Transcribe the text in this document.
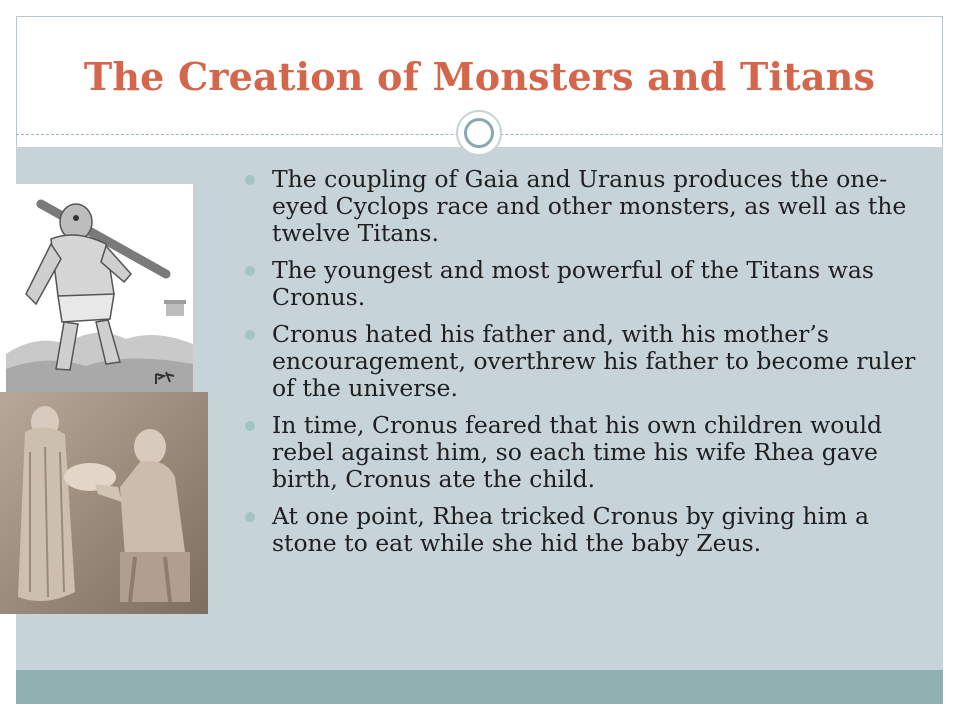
The Creation of Monsters and Titans
The coupling of Gaia and Uranus produces the one-eyed Cyclops race and other monsters, as well as the twelve Titans.
The youngest and most powerful of the Titans was Cronus.
Cronus hated his father and, with his mother’s encouragement, overthrew his father to become ruler of the universe.
In time, Cronus feared that his own children would rebel against him, so each time his wife Rhea gave birth, Cronus ate the child.
At one point, Rhea tricked Cronus by giving him a stone to eat while she hid the baby Zeus.
